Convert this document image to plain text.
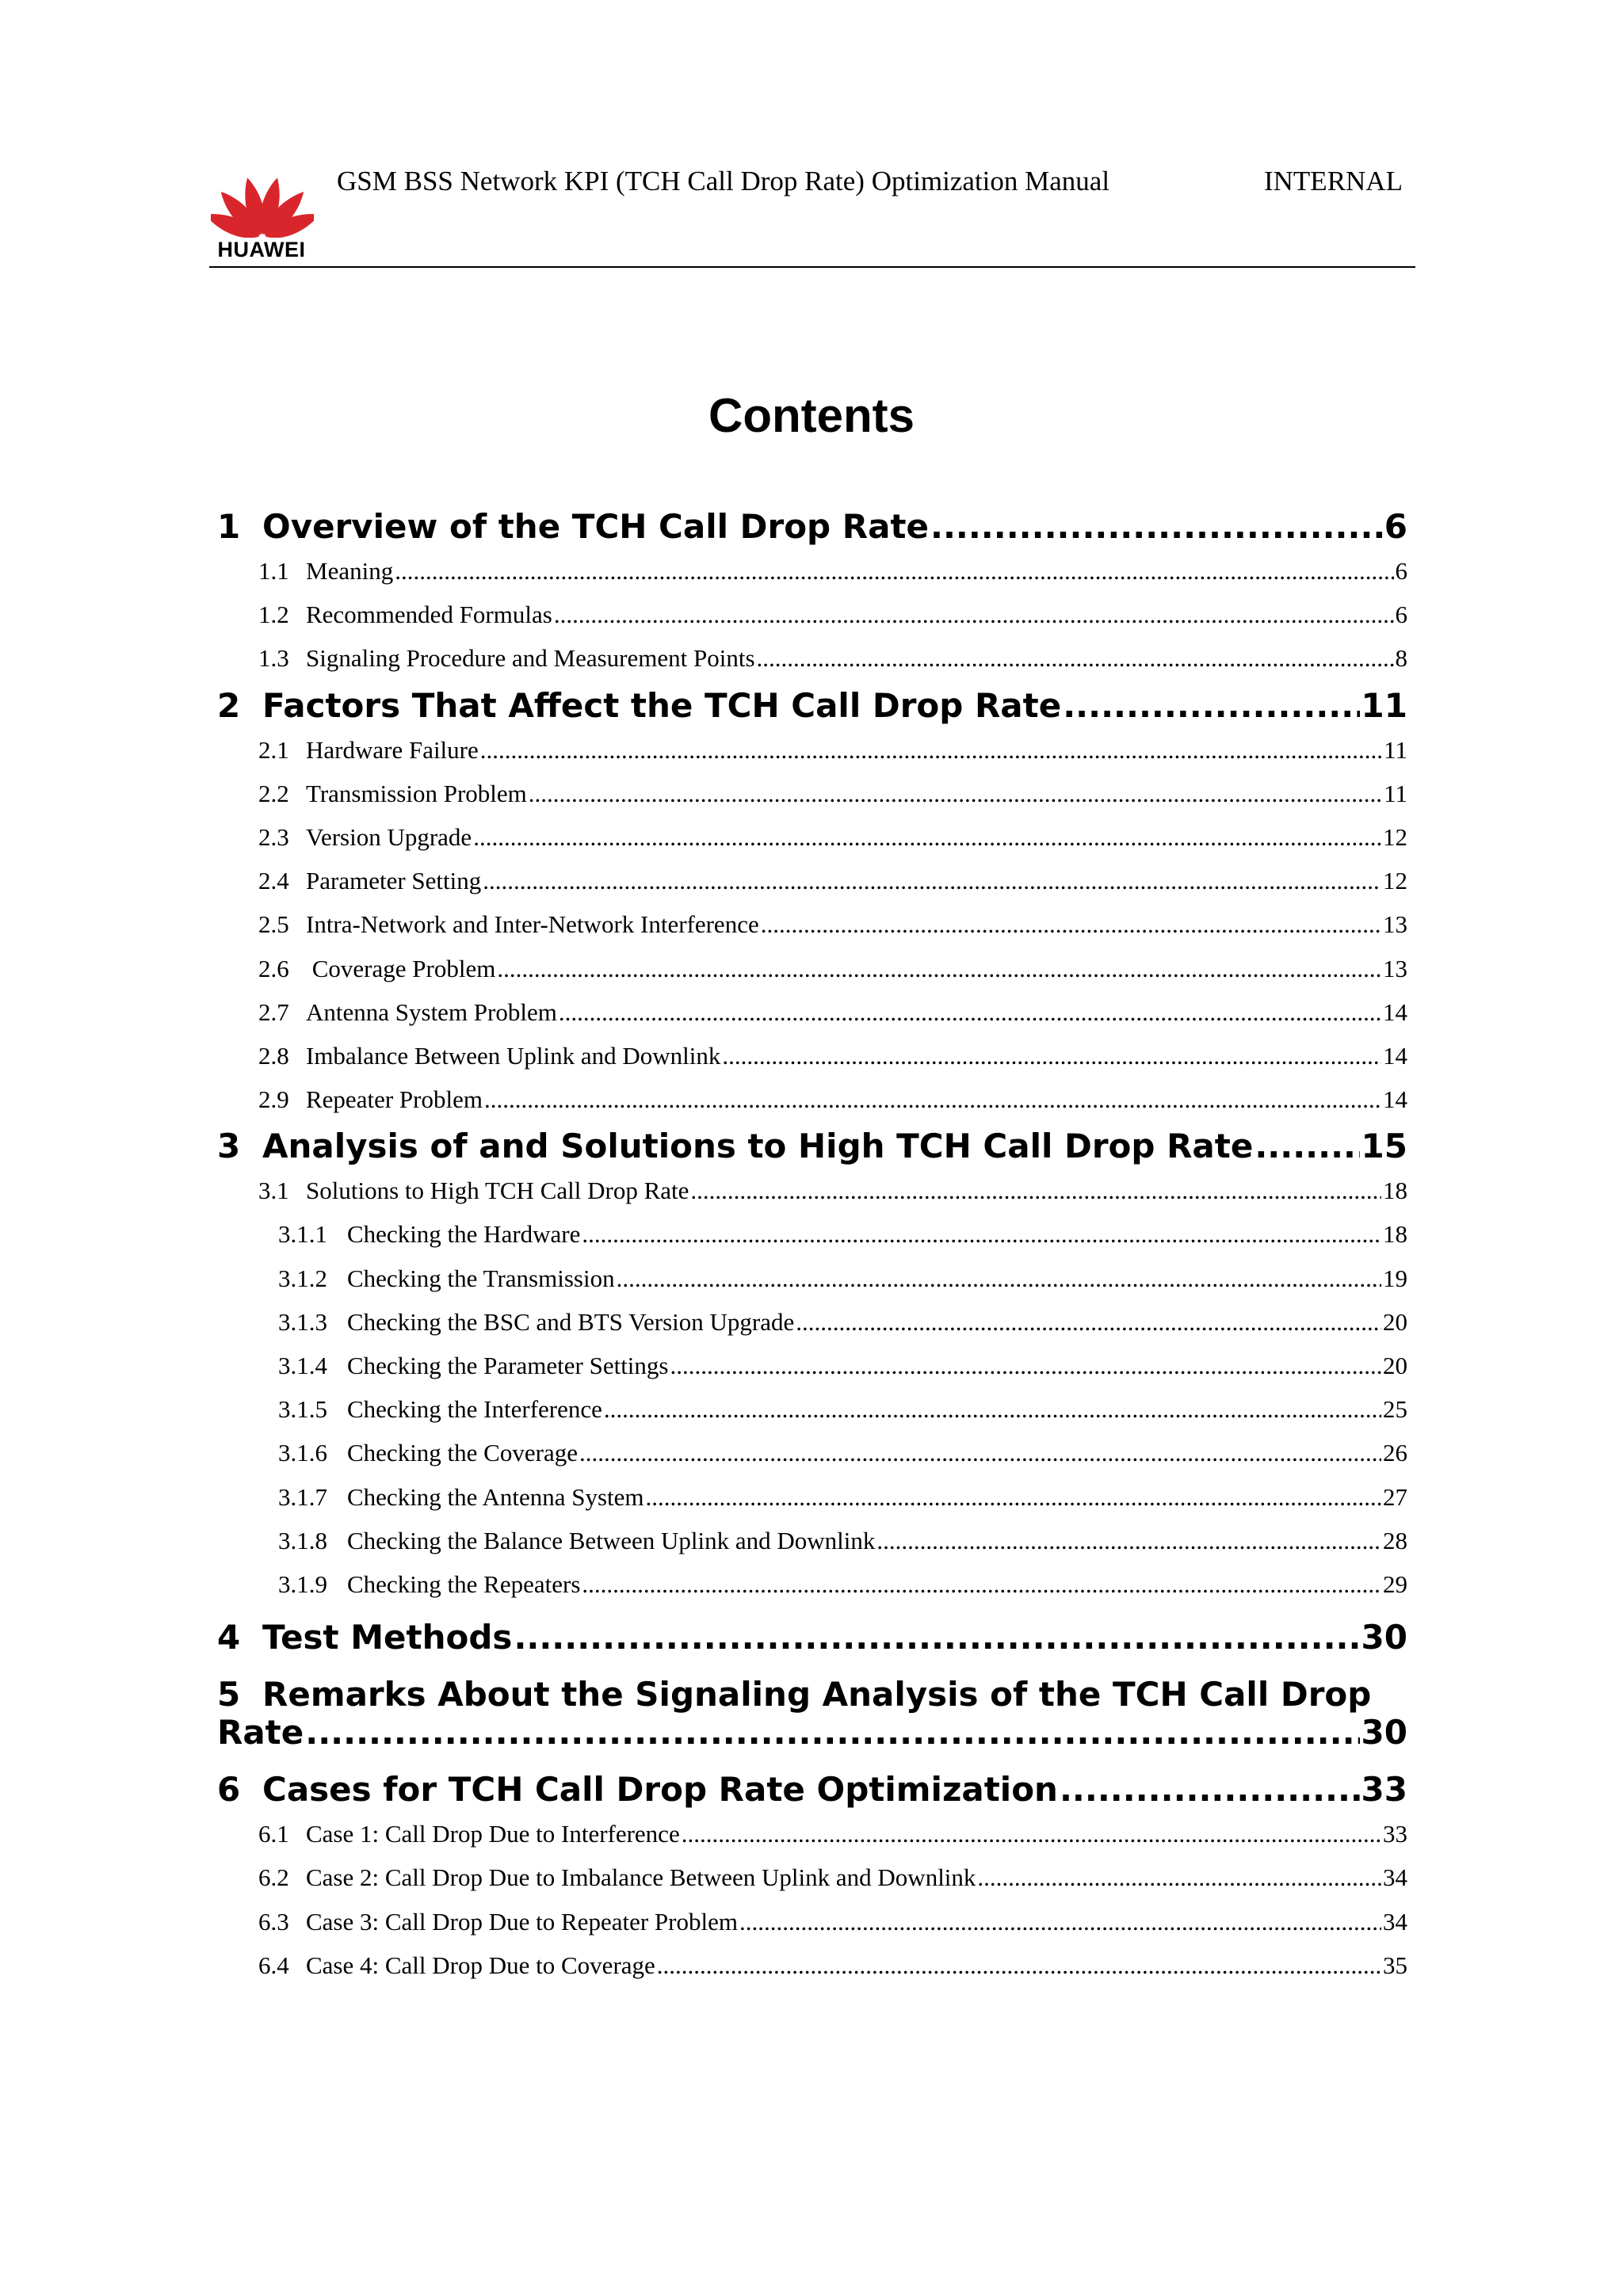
HUAWEI
GSM BSS Network KPI (TCH Call Drop Rate) Optimization Manual	INTERNAL
Contents
1 Overview of the TCH Call Drop Rate .....	6
1.1 Meaning .....	6
1.2 Recommended Formulas .....	6
1.3 Signaling Procedure and Measurement Points .....	8
2 Factors That Affect the TCH Call Drop Rate .....	11
2.1 Hardware Failure .....	11
2.2 Transmission Problem .....	11
2.3 Version Upgrade .....	12
2.4 Parameter Setting .....	12
2.5 Intra-Network and Inter-Network Interference .....	13
2.6 Coverage Problem .....	13
2.7 Antenna System Problem .....	14
2.8 Imbalance Between Uplink and Downlink .....	14
2.9 Repeater Problem .....	14
3 Analysis of and Solutions to High TCH Call Drop Rate .....	15
3.1 Solutions to High TCH Call Drop Rate .....	18
3.1.1 Checking the Hardware .....	18
3.1.2 Checking the Transmission .....	19
3.1.3 Checking the BSC and BTS Version Upgrade .....	20
3.1.4 Checking the Parameter Settings .....	20
3.1.5 Checking the Interference .....	25
3.1.6 Checking the Coverage .....	26
3.1.7 Checking the Antenna System .....	27
3.1.8 Checking the Balance Between Uplink and Downlink .....	28
3.1.9 Checking the Repeaters .....	29
4 Test Methods .....	30
5 Remarks About the Signaling Analysis of the TCH Call Drop
Rate .....	30
6 Cases for TCH Call Drop Rate Optimization .....	33
6.1 Case 1: Call Drop Due to Interference .....	33
6.2 Case 2: Call Drop Due to Imbalance Between Uplink and Downlink .....	34
6.3 Case 3: Call Drop Due to Repeater Problem .....	34
6.4 Case 4: Call Drop Due to Coverage .....	35
